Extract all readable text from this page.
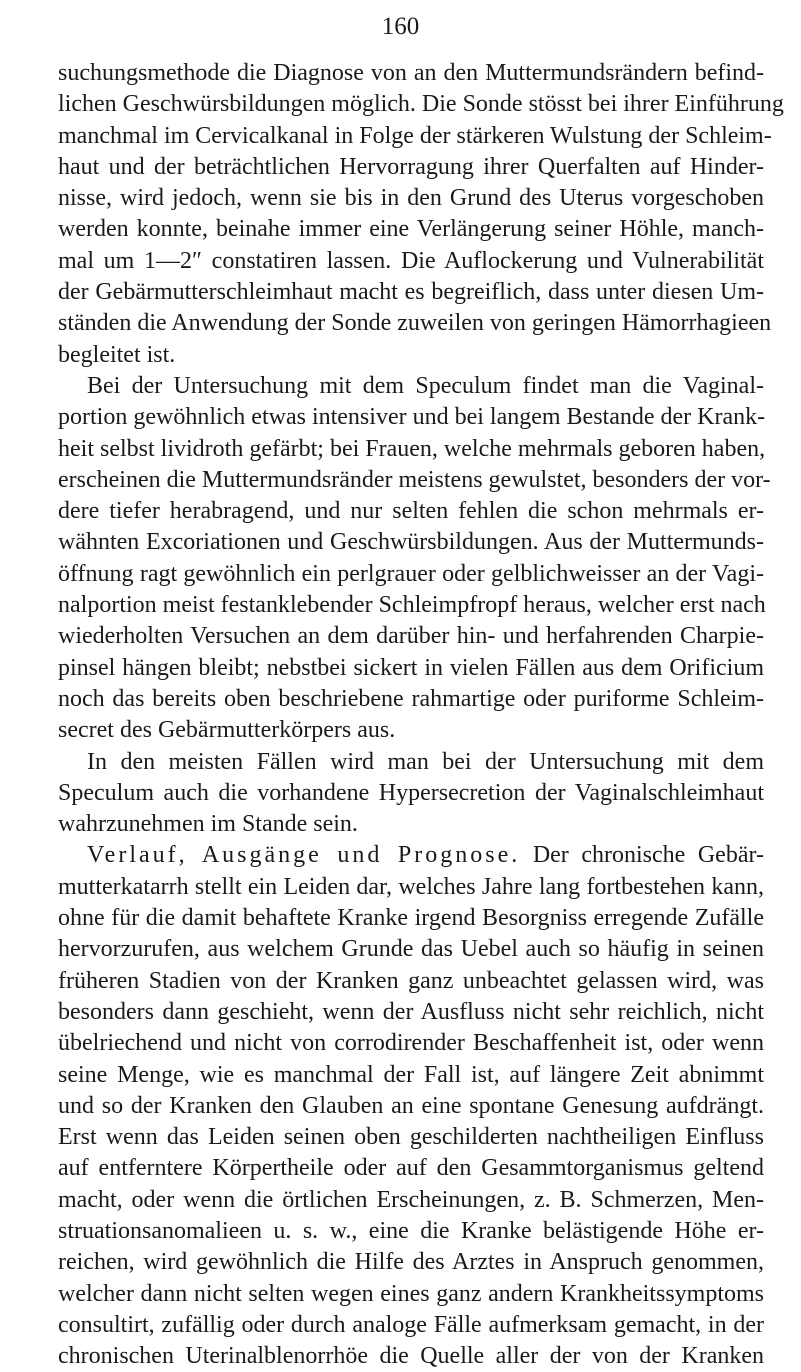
160
suchungsmethode die Diagnose von an den Muttermundsrändern befind-
lichen Geschwürsbildungen möglich. Die Sonde stösst bei ihrer Einführung
manchmal im Cervicalkanal in Folge der stärkeren Wulstung der Schleim-
haut und der beträchtlichen Hervorragung ihrer Querfalten auf Hinder-
nisse, wird jedoch, wenn sie bis in den Grund des Uterus vorgeschoben
werden konnte, beinahe immer eine Verlängerung seiner Höhle, manch-
mal um 1—2″ constatiren lassen. Die Auflockerung und Vulnerabilität
der Gebärmutterschleimhaut macht es begreiflich, dass unter diesen Um-
ständen die Anwendung der Sonde zuweilen von geringen Hämorrhagieen
begleitet ist.
Bei der Untersuchung mit dem Speculum findet man die Vaginal-
portion gewöhnlich etwas intensiver und bei langem Bestande der Krank-
heit selbst lividroth gefärbt; bei Frauen, welche mehrmals geboren haben,
erscheinen die Muttermundsränder meistens gewulstet, besonders der vor-
dere tiefer herabragend, und nur selten fehlen die schon mehrmals er-
wähnten Excoriationen und Geschwürsbildungen. Aus der Muttermunds-
öffnung ragt gewöhnlich ein perlgrauer oder gelblichweisser an der Vagi-
nalportion meist festanklebender Schleimpfropf heraus, welcher erst nach
wiederholten Versuchen an dem darüber hin- und herfahrenden Charpie-
pinsel hängen bleibt; nebstbei sickert in vielen Fällen aus dem Orificium
noch das bereits oben beschriebene rahmartige oder puriforme Schleim-
secret des Gebärmutterkörpers aus.
In den meisten Fällen wird man bei der Untersuchung mit dem
Speculum auch die vorhandene Hypersecretion der Vaginalschleimhaut
wahrzunehmen im Stande sein.
Verlauf, Ausgänge und Prognose. Der chronische Gebär-
mutterkatarrh stellt ein Leiden dar, welches Jahre lang fortbestehen kann,
ohne für die damit behaftete Kranke irgend Besorgniss erregende Zufälle
hervorzurufen, aus welchem Grunde das Uebel auch so häufig in seinen
früheren Stadien von der Kranken ganz unbeachtet gelassen wird, was
besonders dann geschieht, wenn der Ausfluss nicht sehr reichlich, nicht
übelriechend und nicht von corrodirender Beschaffenheit ist, oder wenn
seine Menge, wie es manchmal der Fall ist, auf längere Zeit abnimmt
und so der Kranken den Glauben an eine spontane Genesung aufdrängt.
Erst wenn das Leiden seinen oben geschilderten nachtheiligen Einfluss
auf entferntere Körpertheile oder auf den Gesammtorganismus geltend
macht, oder wenn die örtlichen Erscheinungen, z. B. Schmerzen, Men-
struationsanomalieen u. s. w., eine die Kranke belästigende Höhe er-
reichen, wird gewöhnlich die Hilfe des Arztes in Anspruch genommen,
welcher dann nicht selten wegen eines ganz andern Krankheitssymptoms
consultirt, zufällig oder durch analoge Fälle aufmerksam gemacht, in der
chronischen Uterinalblenorrhöe die Quelle aller der von der Kranken
